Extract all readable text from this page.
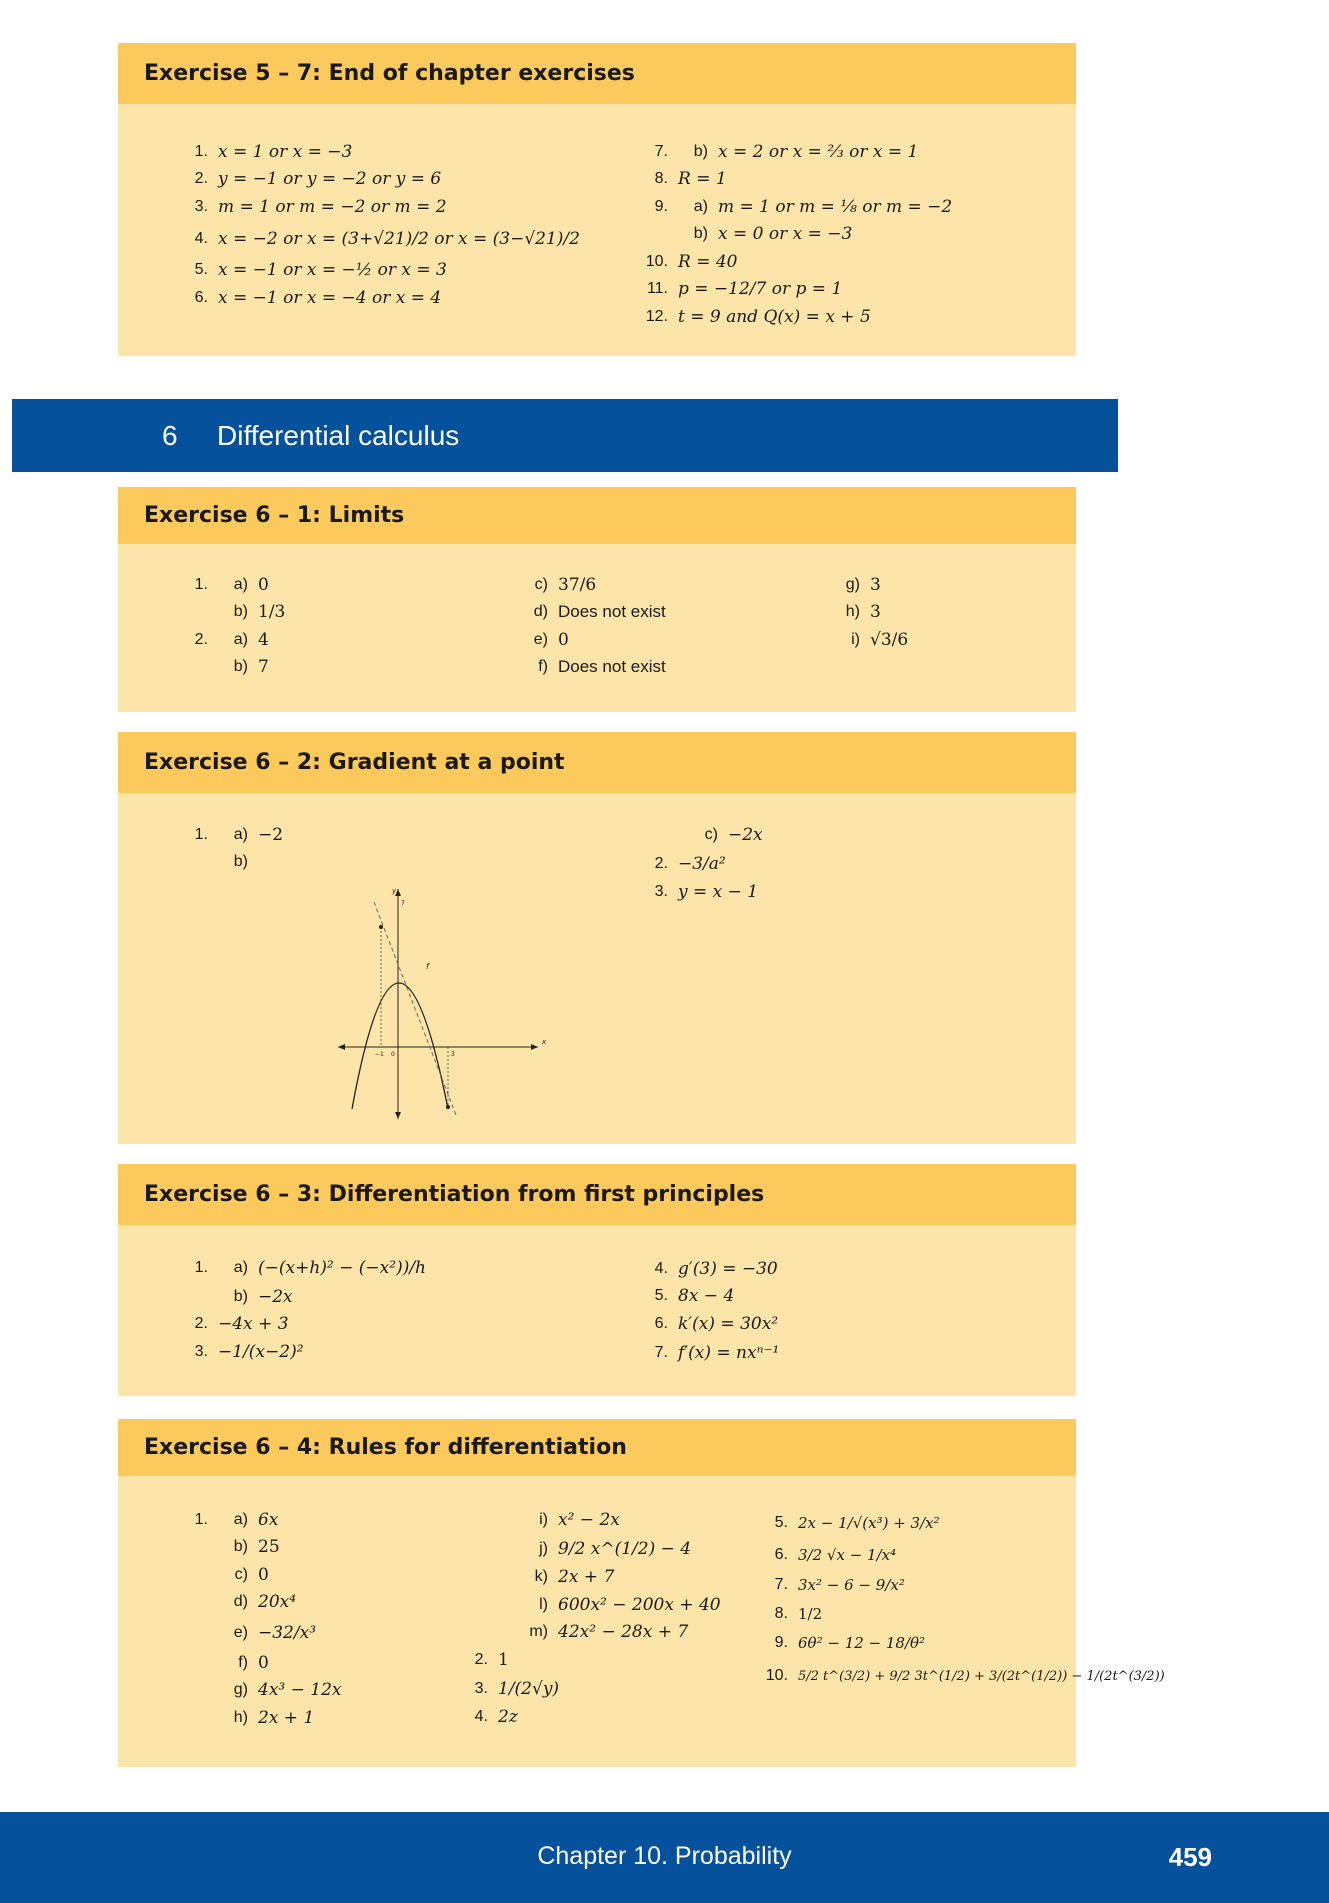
Exercise 5 – 7: End of chapter exercises
1. x = 1 or x = −3
2. y = −1 or y = −2 or y = 6
3. m = 1 or m = −2 or m = 2
4. x = −2 or x = (3+√21)/2 or x = (3−√21)/2
5. x = −1 or x = −½ or x = 3
6. x = −1 or x = −4 or x = 4
7.	b) x = 2 or x = ⅔ or x = 1
8. R = 1
9.	a) m = 1 or m = ⅛ or m = −2
b) x = 0 or x = −3
10. R = 40
11. p = −12/7 or p = 1
12. t = 9 and Q(x) = x + 5
6	Differential calculus
Exercise 6 – 1: Limits
1.	a) 0
b) 1/3
2.	a) 4
b) 7
c) 37/6
d) Does not exist
e) 0
f) Does not exist
g) 3
h) 3
i) √3/6
Exercise 6 – 2: Gradient at a point
1.	a) −2
b)
y
x
7
f
−1 0	3
c) −2x
2. −3/a²
3. y = x − 1
Exercise 6 – 3: Differentiation from first principles
1.	a) (−(x+h)² − (−x²))/h
b) −2x
2. −4x + 3
3. −1/(x−2)²
4. g′(3) = −30
5. 8x − 4
6. k′(x) = 30x²
7. f′(x) = nxⁿ⁻¹
Exercise 6 – 4: Rules for differentiation
1.	a) 6x
b) 25
c) 0
d) 20x⁴
e) −32/x³
f) 0
g) 4x³ − 12x
h) 2x + 1
i) x² − 2x
j) 9/2 x^(1/2) − 4
k) 2x + 7
l) 600x² − 200x + 40
m) 42x² − 28x + 7
2. 1
3. 1/(2√y)
4. 2z
5. 2x − 1/√(x³) + 3/x²
6. 3/2 √x − 1/x⁴
7. 3x² − 6 − 9/x²
8. 1/2
9. 6θ² − 12 − 18/θ²
10. 5/2 t^(3/2) + 9/2 3t^(1/2) + 3/(2t^(1/2)) − 1/(2t^(3/2))
Chapter 10. Probability	459
